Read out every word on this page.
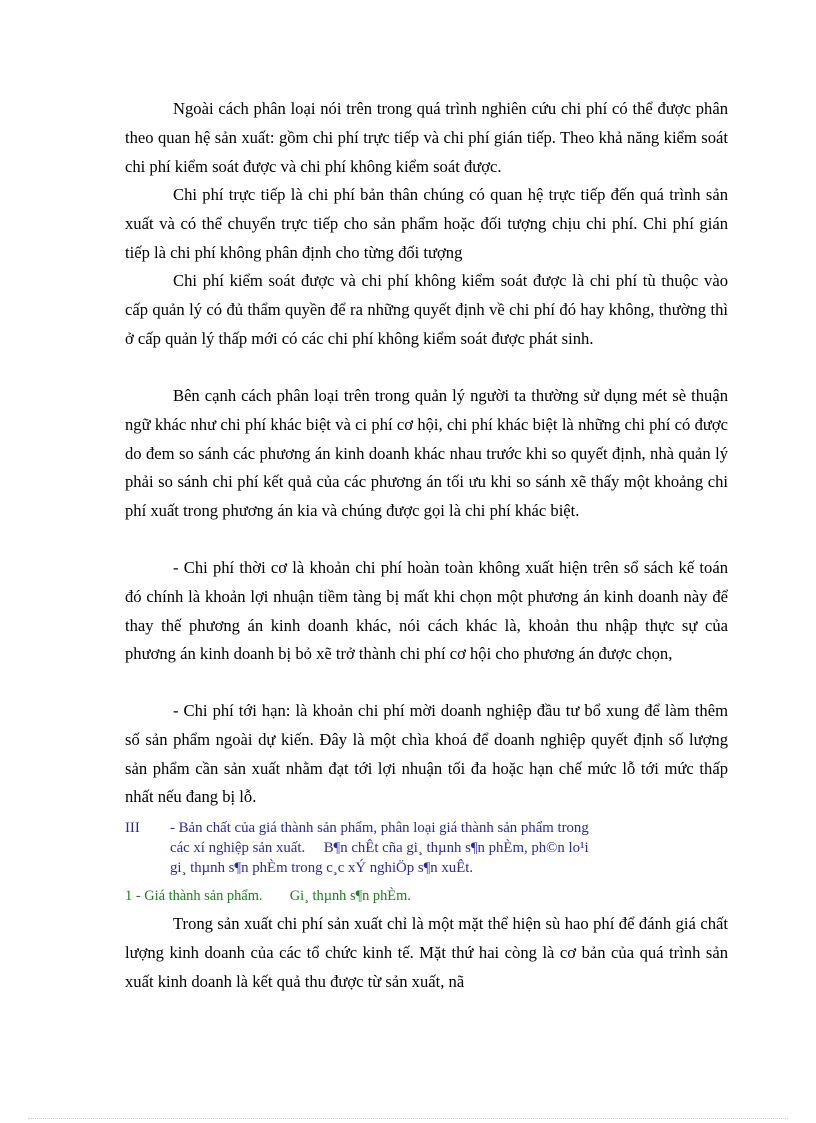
Ngoài cách phân loại nói trên trong quá trình nghiên cứu chi phí có thể được phân theo quan hệ sản xuất: gồm chi phí trực tiếp và chi phí gián tiếp. Theo khả năng kiểm soát chi phí kiểm soát được và chi phí không kiểm soát được.

Chi phí trực tiếp là chi phí bản thân chúng có quan hệ trực tiếp đến quá trình sản xuất và có thể chuyển trực tiếp cho sản phẩm hoặc đối tượng chịu chi phí. Chi phí gián tiếp là chi phí không phân định cho từng đối tượng

Chi phí kiểm soát được và chi phí không kiểm soát được là chi phí tù thuộc vào cấp quản lý có đủ thẩm quyền để ra những quyết định về chi phí đó hay không, thường thì ở cấp quản lý thấp mới có các chi phí không kiểm soát được phát sinh.

Bên cạnh cách phân loại trên trong quản lý người ta thường sử dụng mét sè thuận ngữ khác như chi phí khác biệt và ci phí cơ hội, chi phí khác biệt là những chi phí có được do đem so sánh các phương án kinh doanh khác nhau trước khi so quyết định, nhà quản lý phải so sánh chi phí kết quả của các phương án tối ưu khi so sánh xẽ thấy một khoảng chi phí xuất trong phương án kia và chúng được gọi là chi phí khác biệt.

- Chi phí thời cơ là khoản chi phí hoàn toàn không xuất hiện trên sổ sách kế toán đó chính là khoản lợi nhuận tiềm tàng bị mất khi chọn một phương án kinh doanh này để thay thế phương án kinh doanh khác, nói cách khác là, khoản thu nhập thực sự của phương án kinh doanh bị bỏ xẽ trở thành chi phí cơ hội cho phương án được chọn,

- Chi phí tới hạn: là khoản chi phí mời doanh nghiệp đầu tư bổ xung để làm thêm số sản phẩm ngoài dự kiến. Đây là một chìa khoá để doanh nghiệp quyết định số lượng sản phẩm cần sản xuất nhằm đạt tới lợi nhuận tối đa hoặc hạn chế mức lỗ tới mức thấp nhất nếu đang bị lỗ.

III - Bản chất của giá thành sản phẩm, phân loại giá thành sản phẩm trong
các xí nghiệp sản xuất. B¶n chÊt cña gi¸ thµnh s¶n phÈm, ph©n lo¹i
gi¸ thµnh s¶n phÈm trong c¸c xÝ nghiÖp s¶n xuÊt.
1 - Giá thành sản phẩm. Gi¸ thµnh s¶n phÈm.

Trong sản xuất chi phí sản xuất chỉ là một mặt thể hiện sù hao phí để đánh giá chất lượng kinh doanh của các tổ chức kinh tế. Mặt thứ hai còng là cơ bản của quá trình sản xuất kinh doanh là kết quả thu được từ sản xuất, nã
